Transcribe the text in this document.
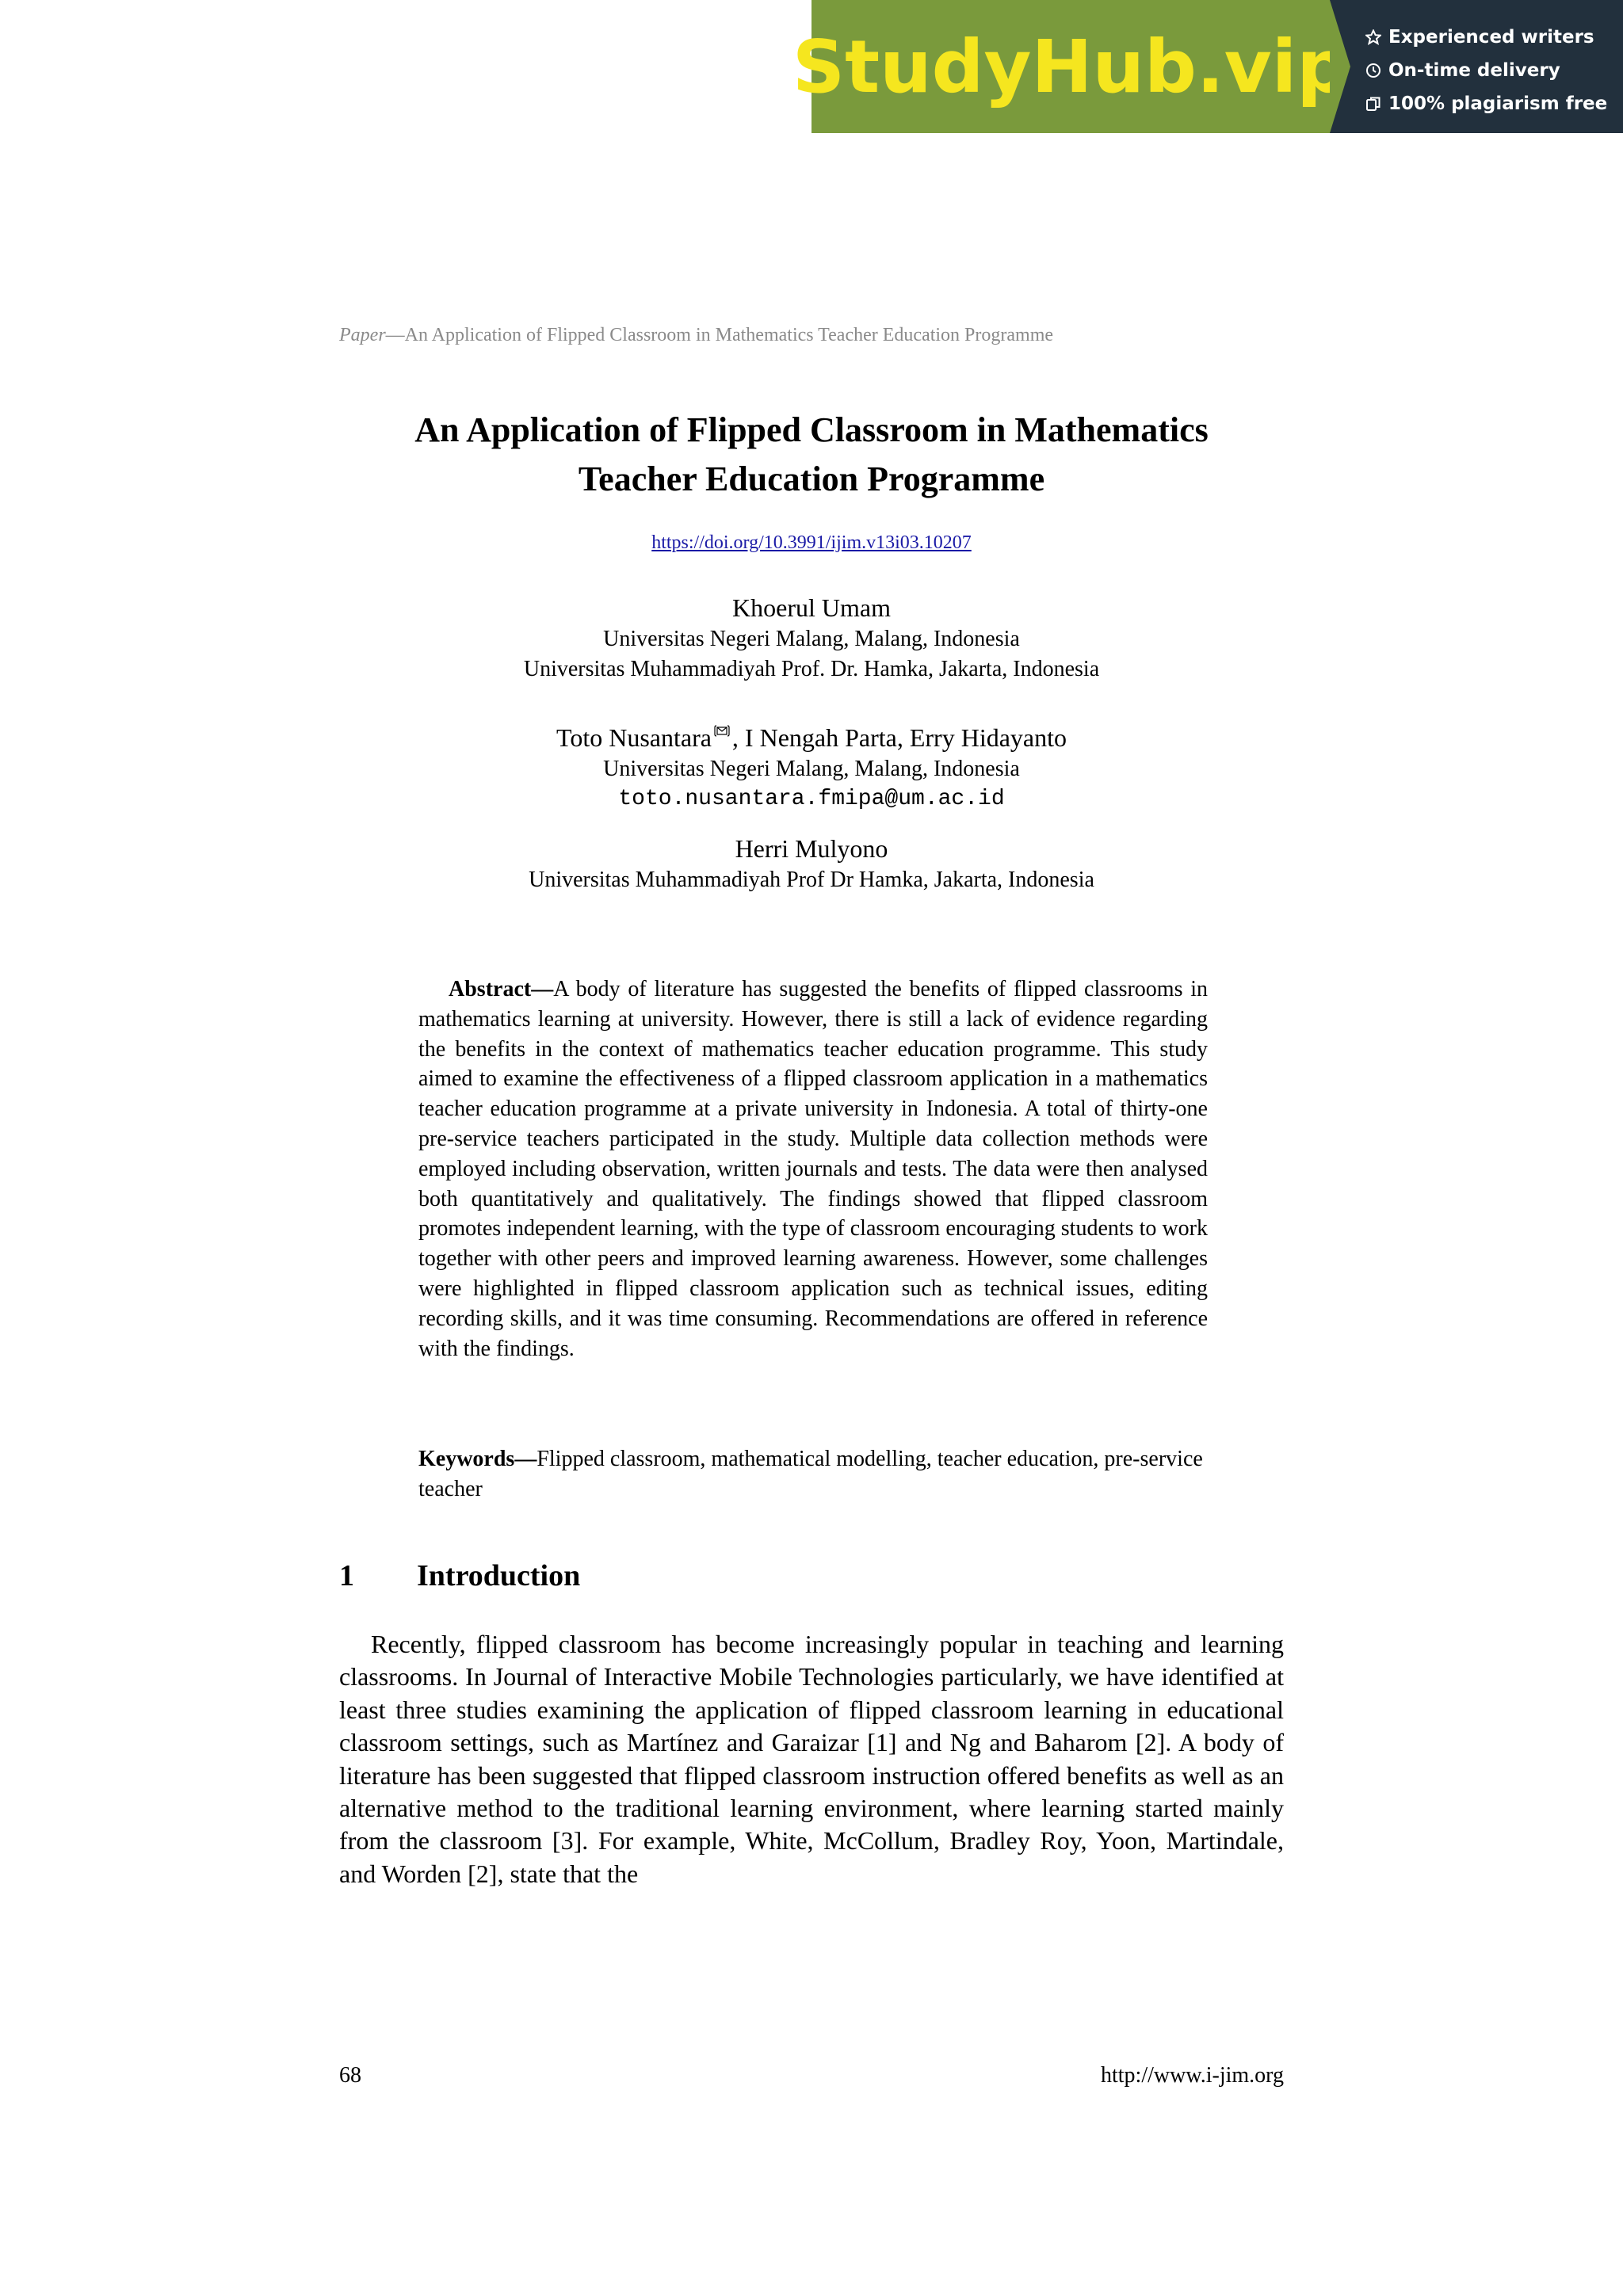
StudyHub.vip Experienced writers
On-time delivery
100% plagiarism free
Paper—An Application of Flipped Classroom in Mathematics Teacher Education Programme
An Application of Flipped Classroom in Mathematics
Teacher Education Programme
https://doi.org/10.3991/ijim.v13i03.10207
Khoerul Umam
Universitas Negeri Malang, Malang, Indonesia
Universitas Muhammadiyah Prof. Dr. Hamka, Jakarta, Indonesia
Toto Nusantara , I Nengah Parta, Erry Hidayanto
Universitas Negeri Malang, Malang, Indonesia
toto.nusantara.fmipa@um.ac.id
Herri Mulyono
Universitas Muhammadiyah Prof Dr Hamka, Jakarta, Indonesia
Abstract—A body of literature has suggested the benefits of flipped classrooms in mathematics learning at university. However, there is still a lack of evidence regarding the benefits in the context of mathematics teacher education programme. This study aimed to examine the effectiveness of a flipped classroom application in a mathematics teacher education programme at a private university in Indonesia. A total of thirty-one pre-service teachers participated in the study. Multiple data collection methods were employed including observation, written journals and tests. The data were then analysed both quantitatively and qualitatively. The findings showed that flipped classroom promotes independent learning, with the type of classroom encouraging students to work together with other peers and improved learning awareness. However, some challenges were highlighted in flipped classroom application such as technical issues, editing recording skills, and it was time consuming. Recommendations are offered in reference with the findings.
Keywords—Flipped classroom, mathematical modelling, teacher education, pre-service teacher
1 Introduction
Recently, flipped classroom has become increasingly popular in teaching and learning classrooms. In Journal of Interactive Mobile Technologies particularly, we have identified at least three studies examining the application of flipped classroom learning in educational classroom settings, such as Martínez and Garaizar [1] and Ng and Baharom [2]. A body of literature has been suggested that flipped classroom instruction offered benefits as well as an alternative method to the traditional learning environment, where learning started mainly from the classroom [3]. For example, White, McCollum, Bradley Roy, Yoon, Martindale, and Worden [2], state that the
68	http://www.i-jim.org
